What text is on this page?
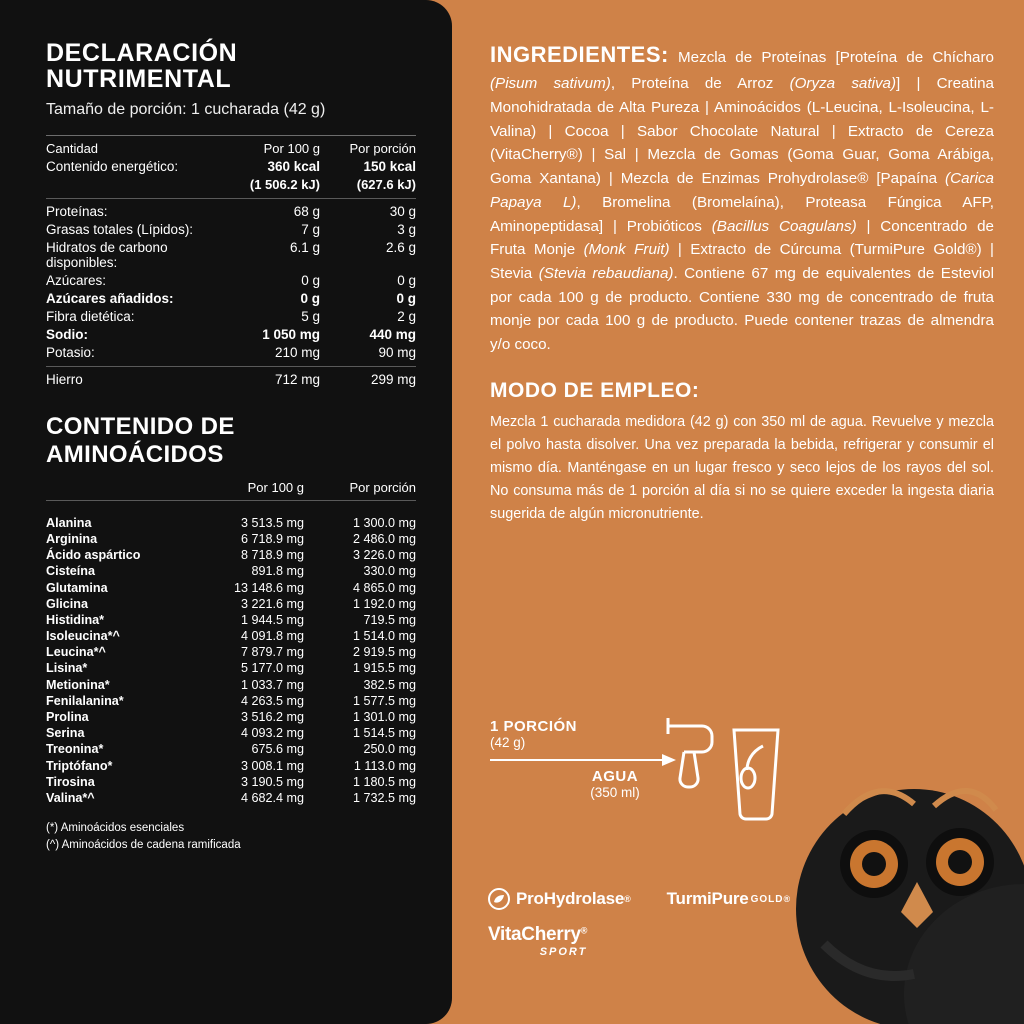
DECLARACIÓN NUTRIMENTAL
Tamaño de porción: 1 cucharada (42 g)
Cantidad	Por 100 g	Por porción
Contenido energético:	360 kcal	150 kcal
	(1 506.2 kJ)	(627.6 kJ)
Proteínas:	68 g	30 g
Grasas totales (Lípidos):	7 g	3 g
Hidratos de carbono disponibles:	6.1 g	2.6 g
Azúcares:	0 g	0 g
Azúcares añadidos:	0 g	0 g
Fibra dietética:	5 g	2 g
Sodio:	1 050 mg	440 mg
Potasio:	210 mg	90 mg
Hierro	712 mg	299 mg
CONTENIDO DE AMINOÁCIDOS
	Por 100 g	Por porción
Alanina	3 513.5 mg	1 300.0 mg
Arginina	6 718.9 mg	2 486.0 mg
Ácido aspártico	8 718.9 mg	3 226.0 mg
Cisteína	891.8 mg	330.0 mg
Glutamina	13 148.6 mg	4 865.0 mg
Glicina	3 221.6 mg	1 192.0 mg
Histidina*	1 944.5 mg	719.5 mg
Isoleucina*^	4 091.8 mg	1 514.0 mg
Leucina*^	7 879.7 mg	2 919.5 mg
Lisina*	5 177.0 mg	1 915.5 mg
Metionina*	1 033.7 mg	382.5 mg
Fenilalanina*	4 263.5 mg	1 577.5 mg
Prolina	3 516.2 mg	1 301.0 mg
Serina	4 093.2 mg	1 514.5 mg
Treonina*	675.6 mg	250.0 mg
Triptófano*	3 008.1 mg	1 113.0 mg
Tirosina	3 190.5 mg	1 180.5 mg
Valina*^	4 682.4 mg	1 732.5 mg
(*) Aminoácidos esenciales
(^) Aminoácidos de cadena ramificada
INGREDIENTES: Mezcla de Proteínas [Proteína de Chícharo (Pisum sativum), Proteína de Arroz (Oryza sativa)] | Creatina Monohidratada de Alta Pureza | Aminoácidos (L-Leucina, L-Isoleucina, L-Valina) | Cocoa | Sabor Chocolate Natural | Extracto de Cereza (VitaCherry®) | Sal | Mezcla de Gomas (Goma Guar, Goma Arábiga, Goma Xantana) | Mezcla de Enzimas Prohydrolase® [Papaína (Carica Papaya L), Bromelina (Bromelaína), Proteasa Fúngica AFP, Aminopeptidasa] | Probióticos (Bacillus Coagulans) | Concentrado de Fruta Monje (Monk Fruit) | Extracto de Cúrcuma (TurmiPure Gold®) | Stevia (Stevia rebaudiana). Contiene 67 mg de equivalentes de Esteviol por cada 100 g de producto. Contiene 330 mg de concentrado de fruta monje por cada 100 g de producto. Puede contener trazas de almendra y/o coco.
MODO DE EMPLEO:
Mezcla 1 cucharada medidora (42 g) con 350 ml de agua. Revuelve y mezcla el polvo hasta disolver. Una vez preparada la bebida, refrigerar y consumir el mismo día. Manténgase en un lugar fresco y seco lejos de los rayos del sol. No consuma más de 1 porción al día si no se quiere exceder la ingesta diaria sugerida de algún micronutriente.
1 PORCIÓN
(42 g)
AGUA
(350 ml)
ProHydrolase ® TurmiPure GOLD ®
VitaCherry®
SPORT
